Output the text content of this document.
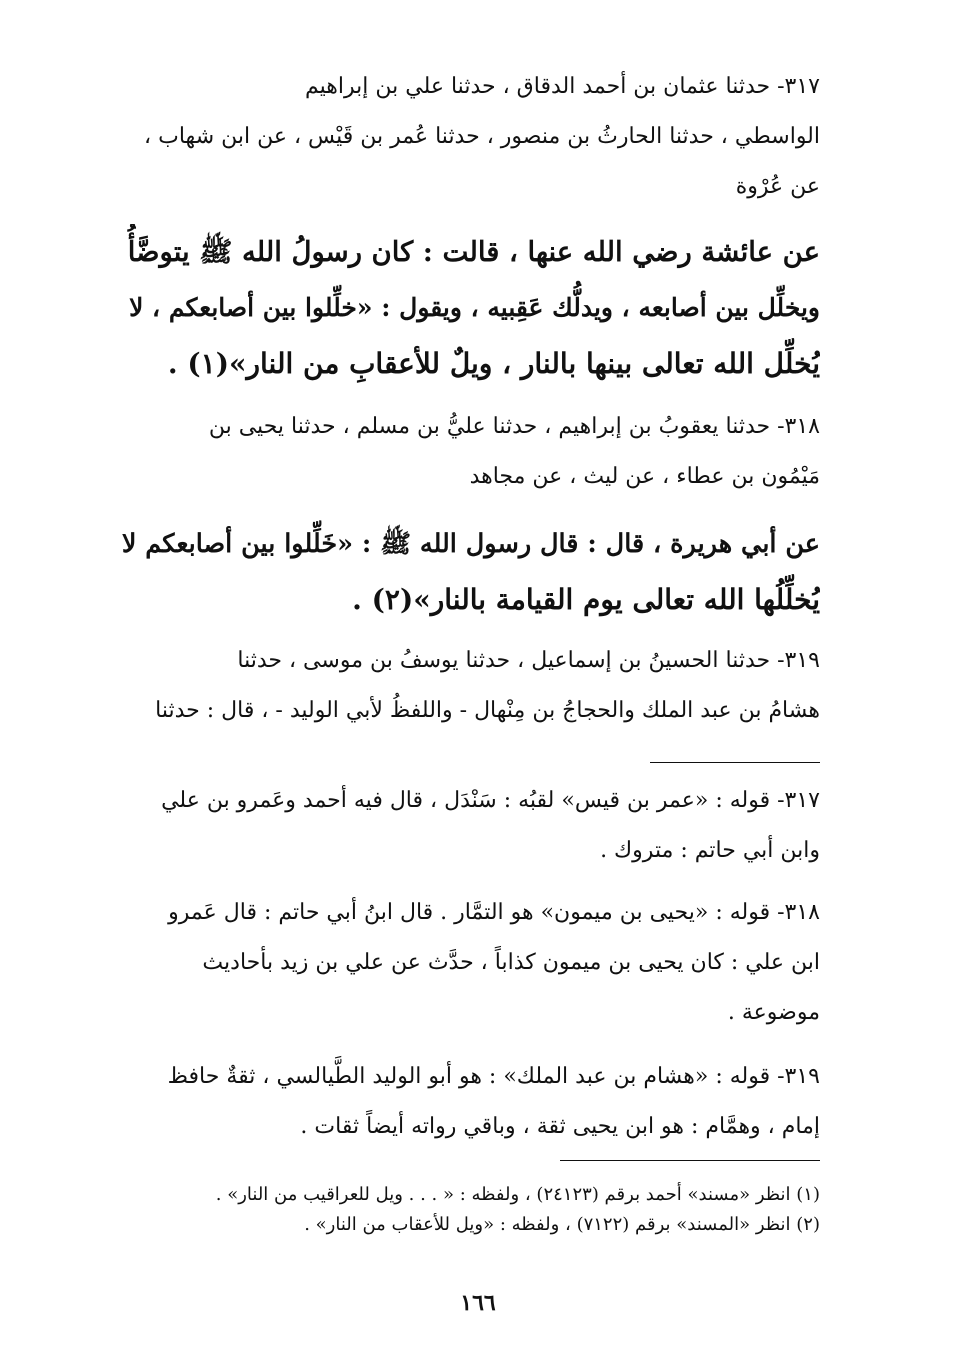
٣١٧- حدثنا عثمان بن أحمد الدقاق ، حدثنا علي بن إبراهيم
الواسطي ، حدثنا الحارثُ بن منصور ، حدثنا عُمر بن قَيْس ، عن ابن شهاب ،
عن عُرْوة
عن عائشة رضي الله عنها ، قالت : كان رسولُ الله ﷺ يتوضَّأُ
ويخلِّل بين أصابعه ، ويدلُّك عَقِبيه ، ويقول : «خلِّلوا بين أصابعكم ، لا
يُخلِّل الله تعالى بينها بالنار ، ويلٌ للأعقابِ من النار»(١) .
٣١٨- حدثنا يعقوبُ بن إبراهيم ، حدثنا عليُّ بن مسلم ، حدثنا يحيى بن
مَيْمُون بن عطاء ، عن ليث ، عن مجاهد
عن أبي هريرة ، قال : قال رسول الله ﷺ : «خَلِّلوا بين أصابعكم لا
يُخلِّلُها الله تعالى يوم القيامة بالنار»(٢) .
٣١٩- حدثنا الحسينُ بن إسماعيل ، حدثنا يوسفُ بن موسى ، حدثنا
هشامُ بن عبد الملك والحجاجُ بن مِنْهال - واللفظُ لأبي الوليد - ، قال : حدثنا
٣١٧- قوله : «عمر بن قيس» لقبُه : سَنْدَل ، قال فيه أحمد وعَمرو بن علي
وابن أبي حاتم : متروك .
٣١٨- قوله : «يحيى بن ميمون» هو التمَّار . قال ابنُ أبي حاتم : قال عَمرو
ابن علي : كان يحيى بن ميمون كذاباً ، حدَّث عن علي بن زيد بأحاديث
موضوعة .
٣١٩- قوله : «هشام بن عبد الملك» : هو أبو الوليد الطَّيالسي ، ثقةٌ حافظ
إمام ، وهمَّام : هو ابن يحيى ثقة ، وباقي رواته أيضاً ثقات .
(١) انظر «مسند» أحمد برقم (٢٤١٢٣) ، ولفظه : « . . . ويل للعراقيب من النار» .
(٢) انظر «المسند» برقم (٧١٢٢) ، ولفظه : «ويل للأعقاب من النار» .
١٦٦
